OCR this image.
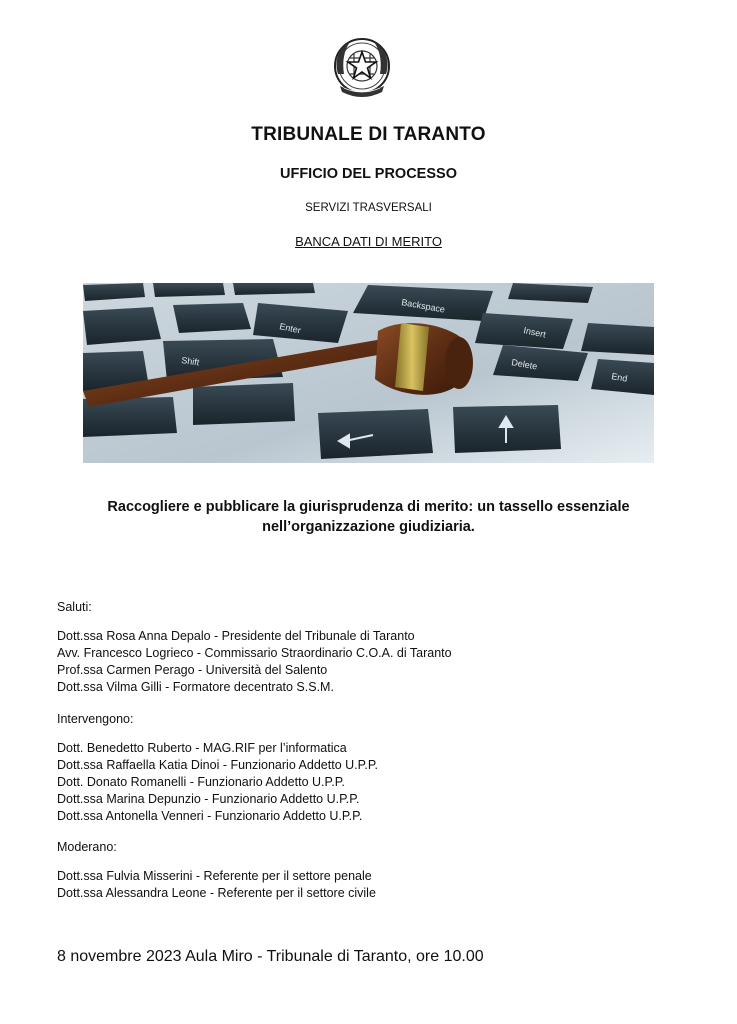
TRIBUNALE DI TARANTO
UFFICIO DEL PROCESSO
SERVIZI TRASVERSALI
BANCA DATI DI MERITO
Backspace
Enter
Shift
Insert
Delete
End
Raccogliere e pubblicare la giurisprudenza di merito: un tassello essenziale
nell’organizzazione giudiziaria.
Saluti:
Dott.ssa Rosa Anna Depalo - Presidente del Tribunale di Taranto
Avv. Francesco Logrieco - Commissario Straordinario C.O.A. di Taranto
Prof.ssa Carmen Perago - Università del Salento
Dott.ssa Vilma Gilli - Formatore decentrato S.S.M.
Intervengono:
Dott. Benedetto Ruberto - MAG.RIF per l’informatica
Dott.ssa Raffaella Katia Dinoi - Funzionario Addetto U.P.P.
Dott. Donato Romanelli - Funzionario Addetto U.P.P.
Dott.ssa Marina Depunzio - Funzionario Addetto U.P.P.
Dott.ssa Antonella Venneri - Funzionario Addetto U.P.P.
Moderano:
Dott.ssa Fulvia Misserini - Referente per il settore penale
Dott.ssa Alessandra Leone - Referente per il settore civile
8 novembre 2023 Aula Miro - Tribunale di Taranto, ore 10.00
